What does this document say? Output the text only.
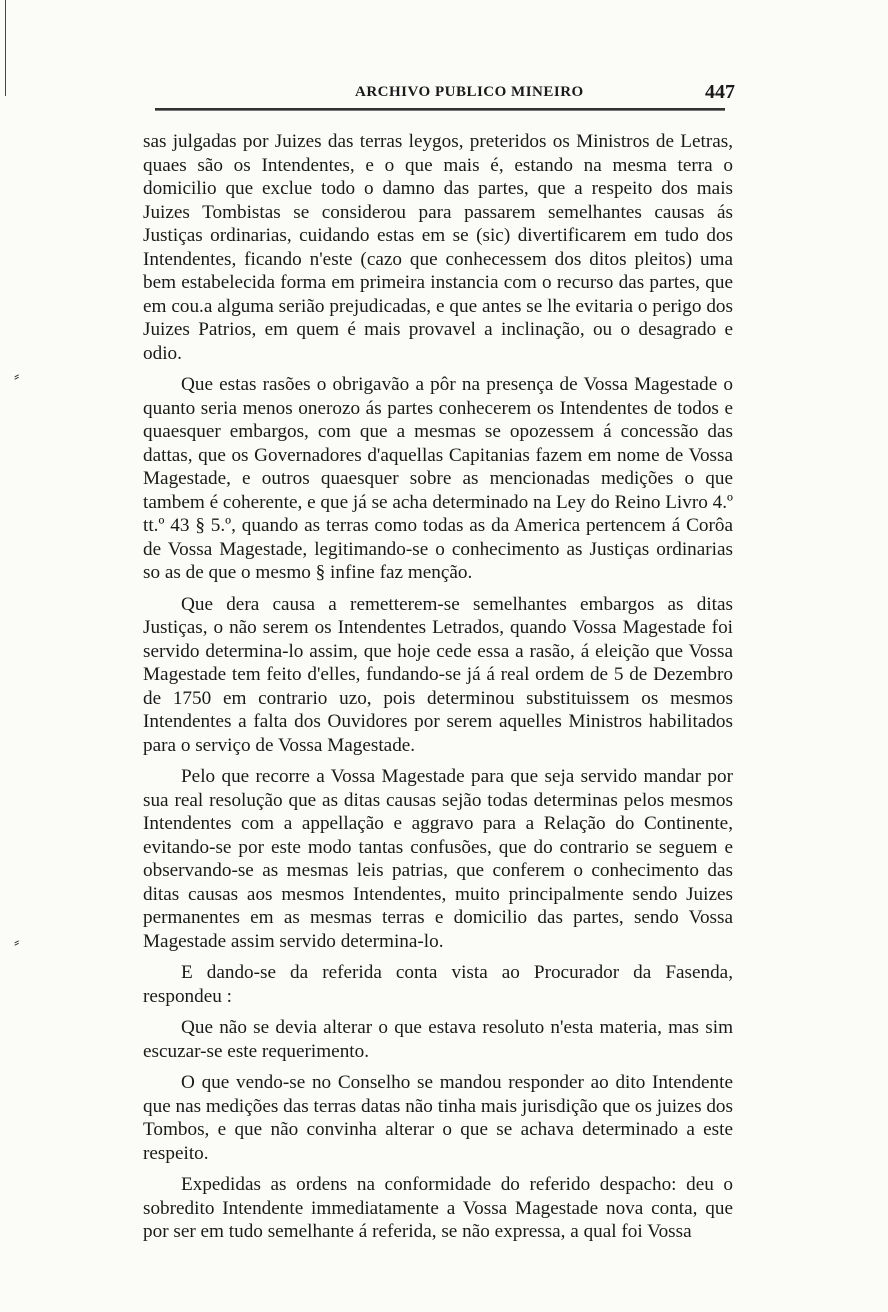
ARCHIVO PUBLICO MINEIRO	447
⸗
⸗

sas julgadas por Juizes das terras leygos, preteridos os Ministros de Letras, quaes são os Intendentes, e o que mais é, estando na mesma terra o domicilio que exclue todo o damno das partes, que a respeito dos mais Juizes Tombistas se considerou para passarem semelhantes causas ás Justiças ordinarias, cuidando estas em se (sic) divertificarem em tudo dos Intendentes, ficando n'este (cazo que conhecessem dos ditos pleitos) uma bem estabelecida forma em primeira instancia com o recurso das partes, que em cou.a alguma serião prejudicadas, e que antes se lhe evitaria o perigo dos Juizes Patrios, em quem é mais provavel a inclinação, ou o desagrado e odio.

Que estas rasões o obrigavão a pôr na presença de Vossa Magestade o quanto seria menos onerozo ás partes conhecerem os Intendentes de todos e quaesquer embargos, com que a mesmas se opozessem á concessão das dattas, que os Governadores d'aquellas Capitanias fazem em nome de Vossa Magestade, e outros quaesquer sobre as mencionadas medições o que tambem é coherente, e que já se acha determinado na Ley do Reino Livro 4.º tt.º 43 § 5.º, quando as terras como todas as da America pertencem á Corôa de Vossa Magestade, legitimando-se o conhecimento as Justiças ordinarias so as de que o mesmo § infine faz menção.

Que dera causa a remetterem-se semelhantes embargos as ditas Justiças, o não serem os Intendentes Letrados, quando Vossa Magestade foi servido determina-lo assim, que hoje cede essa a rasão, á eleição que Vossa Magestade tem feito d'elles, fundando-se já á real ordem de 5 de Dezembro de 1750 em contrario uzo, pois determinou substituissem os mesmos Intendentes a falta dos Ouvidores por serem aquelles Ministros habilitados para o serviço de Vossa Magestade.

Pelo que recorre a Vossa Magestade para que seja servido mandar por sua real resolução que as ditas causas sejão todas determinas pelos mesmos Intendentes com a appellação e aggravo para a Relação do Continente, evitando-se por este modo tantas confusões, que do contrario se seguem e observando-se as mesmas leis patrias, que conferem o conhecimento das ditas causas aos mesmos Intendentes, muito principalmente sendo Juizes permanentes em as mesmas terras e domicilio das partes, sendo Vossa Magestade assim servido determina-lo.

E dando-se da referida conta vista ao Procurador da Fasenda, respondeu :

Que não se devia alterar o que estava resoluto n'esta materia, mas sim escuzar-se este requerimento.

O que vendo-se no Conselho se mandou responder ao dito Intendente que nas medições das terras datas não tinha mais jurisdição que os juizes dos Tombos, e que não convinha alterar o que se achava determinado a este respeito.

Expedidas as ordens na conformidade do referido despacho: deu o sobredito Intendente immediatamente a Vossa Magestade nova conta, que por ser em tudo semelhante á referida, se não expressa, a qual foi Vossa
